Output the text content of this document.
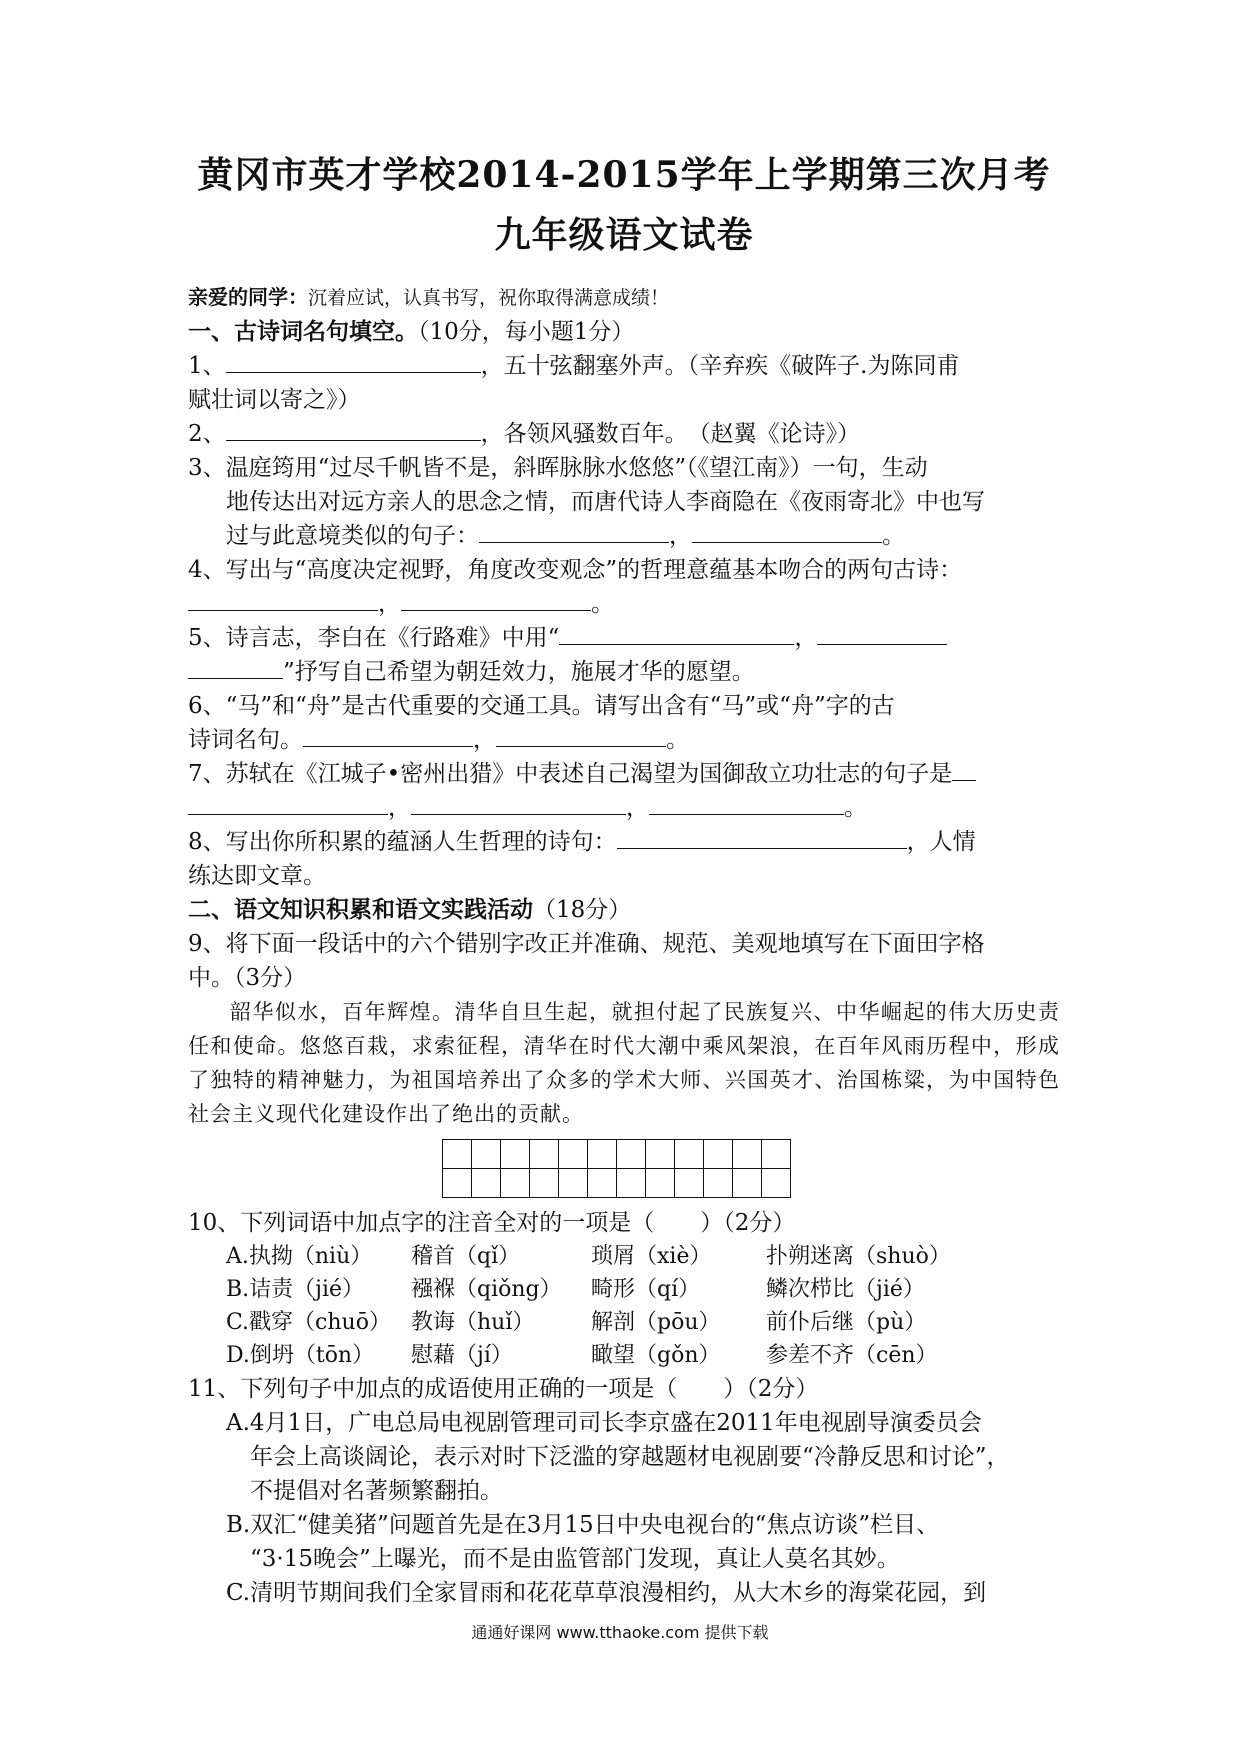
黄冈市英才学校2014-2015学年上学期第三次月考
九年级语文试卷
亲爱的同学：沉着应试，认真书写，祝你取得满意成绩！
一、古诗词名句填空。（10分，每小题1分）
1、	，五十弦翻塞外声。（辛弃疾《破阵子.为陈同甫
赋壮词以寄之》）
2、	，各领风骚数百年。　（赵翼《论诗》）
3、温庭筠用“过尽千帆皆不是，斜晖脉脉水悠悠”（《望江南》）一句，生动
地传达出对远方亲人的思念之情，而唐代诗人李商隐在《夜雨寄北》中也写
过与此意境类似的句子：	，	。
4、写出与“高度决定视野，角度改变观念”的哲理意蕴基本吻合的两句古诗：
，	。
5、诗言志，李白在《行路难》中用“	，
”抒写自己希望为朝廷效力，施展才华的愿望。
6、“马”和“舟”是古代重要的交通工具。请写出含有“马”或“舟”字的古
诗词名句。	，	。
7、苏轼在《江城子•密州出猎》中表述自己渴望为国御敌立功壮志的句子是
，	，	。
8、写出你所积累的蕴涵人生哲理的诗句：	，人情
练达即文章。
二、语文知识积累和语文实践活动（18分）
9、将下面一段话中的六个错别字改正并准确、规范、美观地填写在下面田字格
中。（3分）
韶华似水，百年辉煌。清华自旦生起，就担付起了民族复兴、中华崛起的伟大历史责任和使命。悠悠百栽，求索征程，清华在时代大潮中乘风架浪，在百年风雨历程中，形成了独特的精神魅力，为祖国培养出了众多的学术大师、兴国英才、治国栋粱，为中国特色社会主义现代化建设作出了绝出的贡献。

10、下列词语中加点字的注音全对的一项是（　　）（2分）
A.执拗（niù）	稽首（qǐ）	琐屑（xiè）	扑朔迷离（shuò）
B.诘责（jié）	襁褓（qiǒng）	畸形（qí）	鳞次栉比（jié）
C.戳穿（chuō） 教诲（huǐ）	解剖（pōu）	前仆后继（pù）
D.倒坍（tōn）	慰藉（jí）	瞰望（gǒn）	参差不齐（cēn）
11、下列句子中加点的成语使用正确的一项是（　　）（2分）
A.4月1日，广电总局电视剧管理司司长李京盛在2011年电视剧导演委员会
年会上高谈阔论，表示对时下泛滥的穿越题材电视剧要“冷静反思和讨论”，
不提倡对名著频繁翻拍。
B.双汇“健美猪”问题首先是在3月15日中央电视台的“焦点访谈”栏目、
“3·15晚会”上曝光，而不是由监管部门发现，真让人莫名其妙。
C.清明节期间我们全家冒雨和花花草草浪漫相约，从大木乡的海棠花园，到
通通好课网 www.tthaoke.com 提供下载
